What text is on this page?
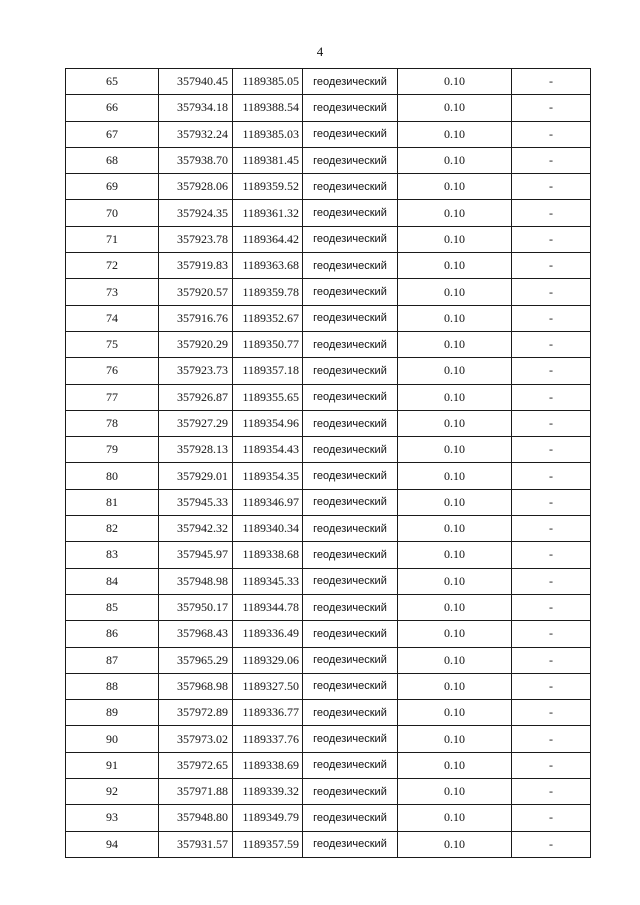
4
65	357940.45	1189385.05	геодезический	0.10	-
66	357934.18	1189388.54	геодезический	0.10	-
67	357932.24	1189385.03	геодезический	0.10	-
68	357938.70	1189381.45	геодезический	0.10	-
69	357928.06	1189359.52	геодезический	0.10	-
70	357924.35	1189361.32	геодезический	0.10	-
71	357923.78	1189364.42	геодезический	0.10	-
72	357919.83	1189363.68	геодезический	0.10	-
73	357920.57	1189359.78	геодезический	0.10	-
74	357916.76	1189352.67	геодезический	0.10	-
75	357920.29	1189350.77	геодезический	0.10	-
76	357923.73	1189357.18	геодезический	0.10	-
77	357926.87	1189355.65	геодезический	0.10	-
78	357927.29	1189354.96	геодезический	0.10	-
79	357928.13	1189354.43	геодезический	0.10	-
80	357929.01	1189354.35	геодезический	0.10	-
81	357945.33	1189346.97	геодезический	0.10	-
82	357942.32	1189340.34	геодезический	0.10	-
83	357945.97	1189338.68	геодезический	0.10	-
84	357948.98	1189345.33	геодезический	0.10	-
85	357950.17	1189344.78	геодезический	0.10	-
86	357968.43	1189336.49	геодезический	0.10	-
87	357965.29	1189329.06	геодезический	0.10	-
88	357968.98	1189327.50	геодезический	0.10	-
89	357972.89	1189336.77	геодезический	0.10	-
90	357973.02	1189337.76	геодезический	0.10	-
91	357972.65	1189338.69	геодезический	0.10	-
92	357971.88	1189339.32	геодезический	0.10	-
93	357948.80	1189349.79	геодезический	0.10	-
94	357931.57	1189357.59	геодезический	0.10	-
